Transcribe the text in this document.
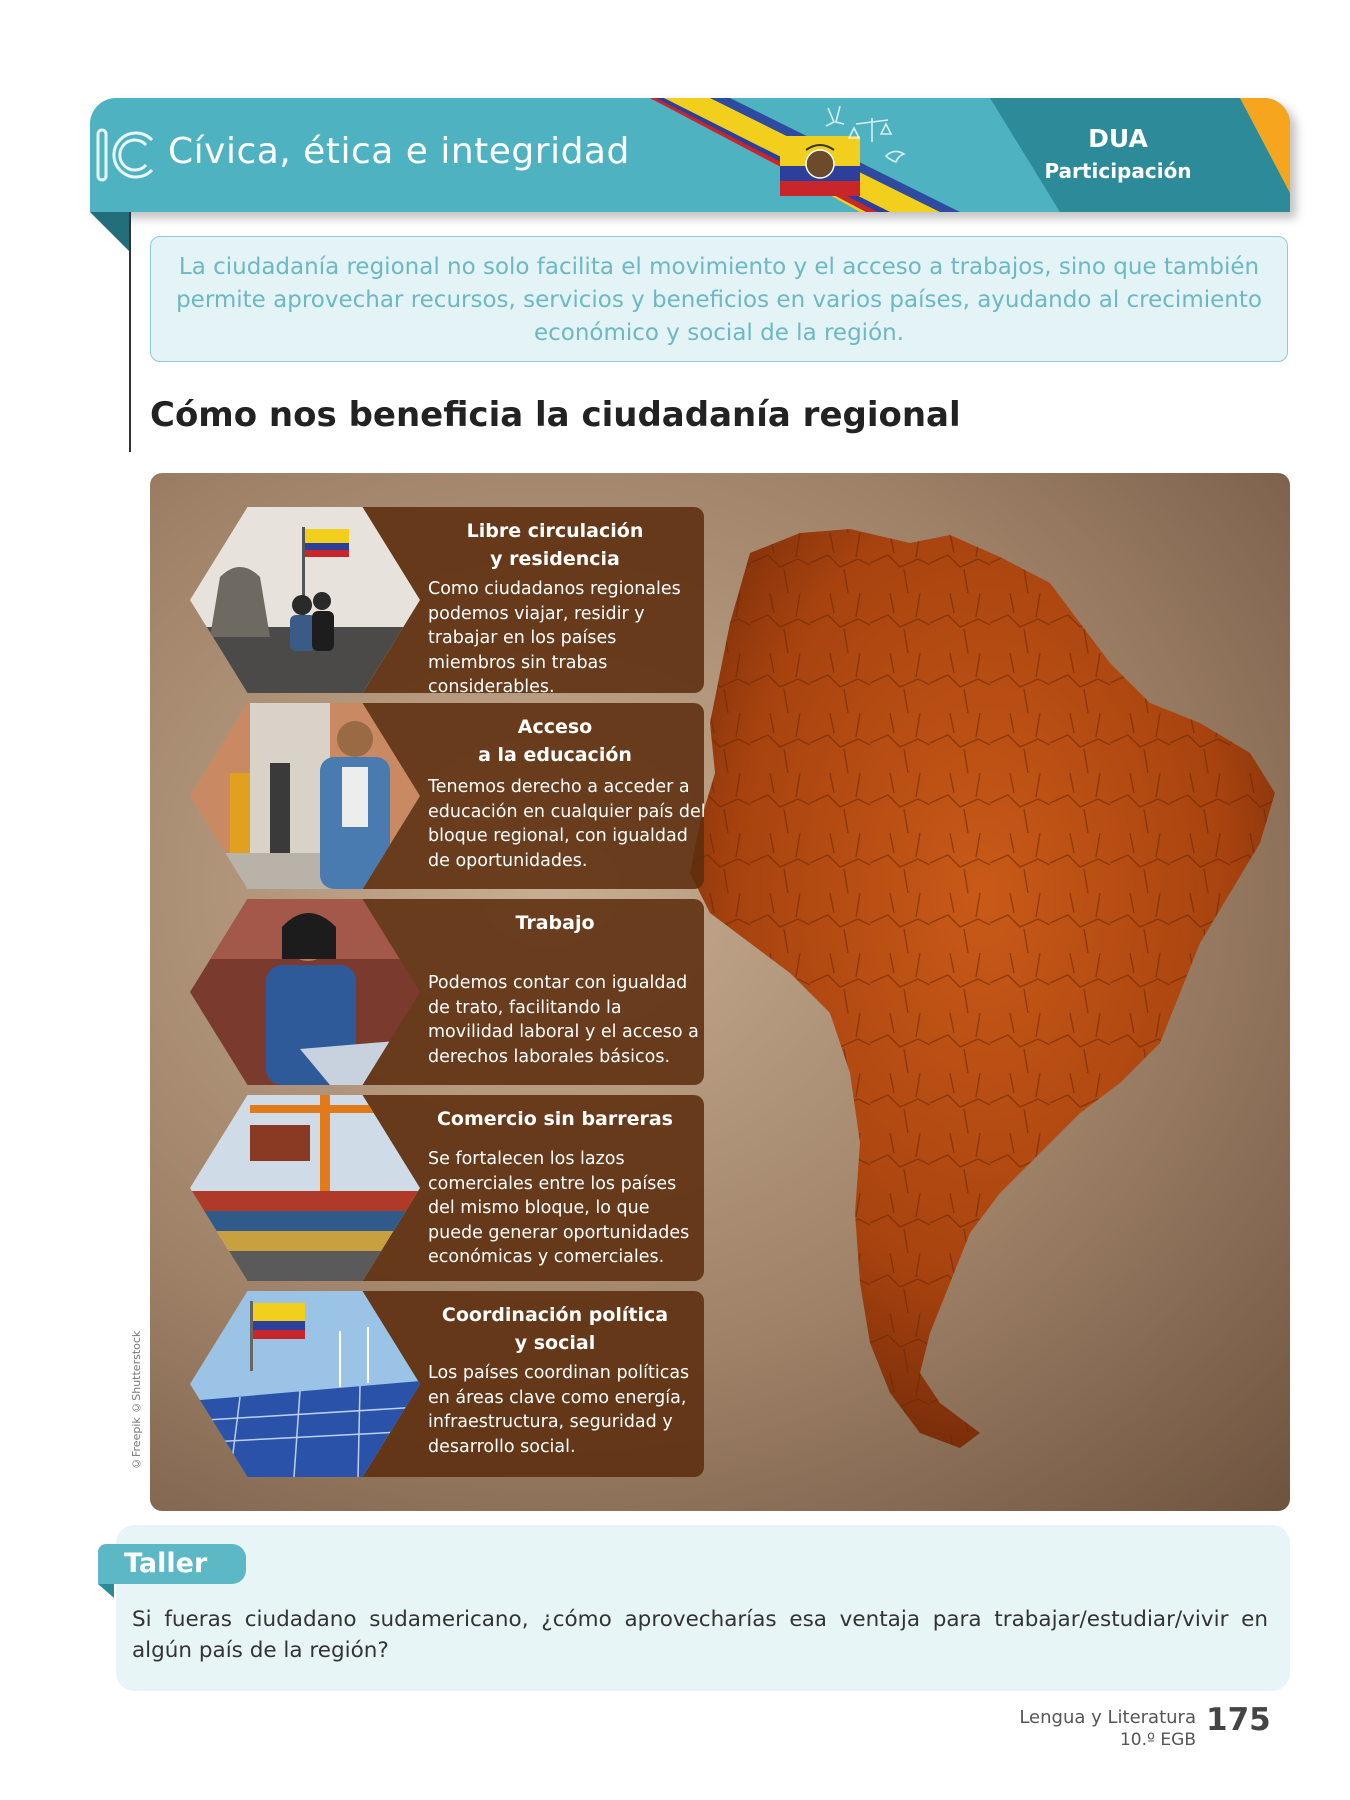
Cívica, ética e integridad	DUA
Participación
La ciudadanía regional no solo facilita el movimiento y el acceso a trabajos, sino que también permite aprovechar recursos, servicios y beneficios en varios países, ayudando al crecimiento económico y social de la región.
Cómo nos beneficia la ciudadanía regional
Libre circulación
y residencia
Como ciudadanos regionales podemos viajar, residir y trabajar en los países miembros sin trabas considerables.
Acceso
a la educación
Tenemos derecho a acceder a educación en cualquier país del bloque regional, con igualdad de oportunidades.
Trabajo
Podemos contar con igualdad de trato, facilitando la movilidad laboral y el acceso a derechos laborales básicos.
Comercio sin barreras
Se fortalecen los lazos comerciales entre los países del mismo bloque, lo que puede generar oportunidades económicas y comerciales.
Coordinación política
y social
Los países coordinan políticas en áreas clave como energía, infraestructura, seguridad y desarrollo social.
©Freepik ©Shutterstock
Taller
Si fueras ciudadano sudamericano, ¿cómo aprovecharías esa ventaja para trabajar/estudiar/vivir en algún país de la región?
Lengua y Literatura
10.º EGB
175
